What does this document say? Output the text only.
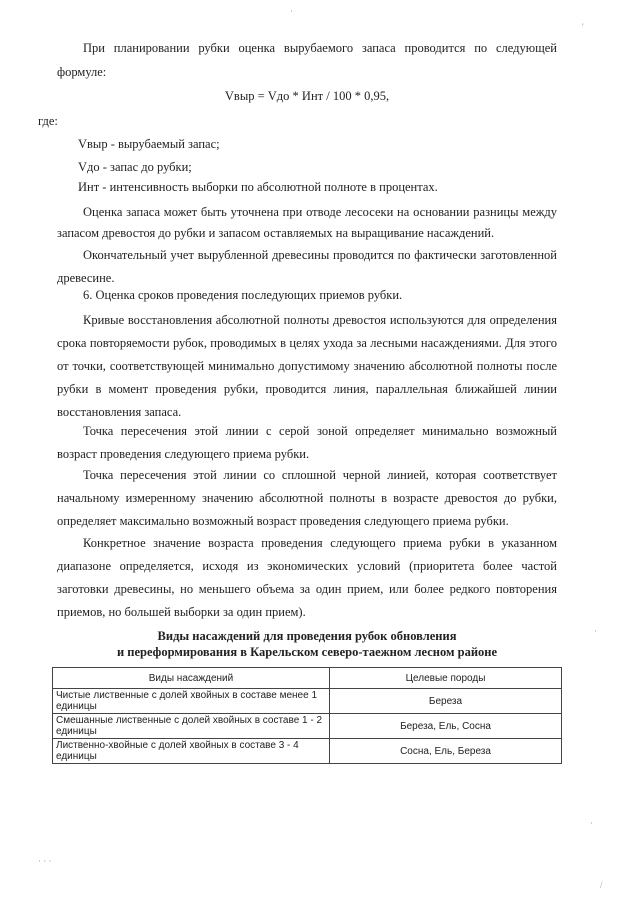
При планировании рубки оценка вырубаемого запаса проводится по следующей
формуле:
Vвыр = Vдо * Инт / 100 * 0,95,
где:
Vвыр - вырубаемый запас;
Vдо - запас до рубки;
Инт - интенсивность выборки по абсолютной полноте в процентах.
Оценка запаса может быть уточнена при отводе лесосеки на основании разницы между запасом древостоя до рубки и запасом оставляемых на выращивание насаждений.
Окончательный учет вырубленной древесины проводится по фактически заготовленной древесине.
6. Оценка сроков проведения последующих приемов рубки.
Кривые восстановления абсолютной полноты древостоя используются для определения срока повторяемости рубок, проводимых в целях ухода за лесными насаждениями. Для этого от точки, соответствующей минимально допустимому значению абсолютной полноты после рубки в момент проведения рубки, проводится линия, параллельная ближайшей линии восстановления запаса.
Точка пересечения этой линии с серой зоной определяет минимально возможный возраст проведения следующего приема рубки.
Точка пересечения этой линии со сплошной черной линией, которая соответствует начальному измеренному значению абсолютной полноты в возрасте древостоя до рубки, определяет максимально возможный возраст проведения следующего приема рубки.
Конкретное значение возраста проведения следующего приема рубки в указанном диапазоне определяется, исходя из экономических условий (приоритета более частой заготовки древесины, но меньшего объема за один прием, или более редкого повторения приемов, но большей выборки за один прием).
Виды насаждений для проведения рубок обновления
и переформирования в Карельском северо-таежном лесном районе
Виды насаждений	Целевые породы
Чистые лиственные с долей хвойных в составе менее 1 единицы	Береза
Смешанные лиственные с долей хвойных в составе 1 - 2 единицы	Береза, Ель, Сосна
Лиственно-хвойные с долей хвойных в составе 3 - 4 единицы	Сосна, Ель, Береза
·
'
·
·
· · ·
/
